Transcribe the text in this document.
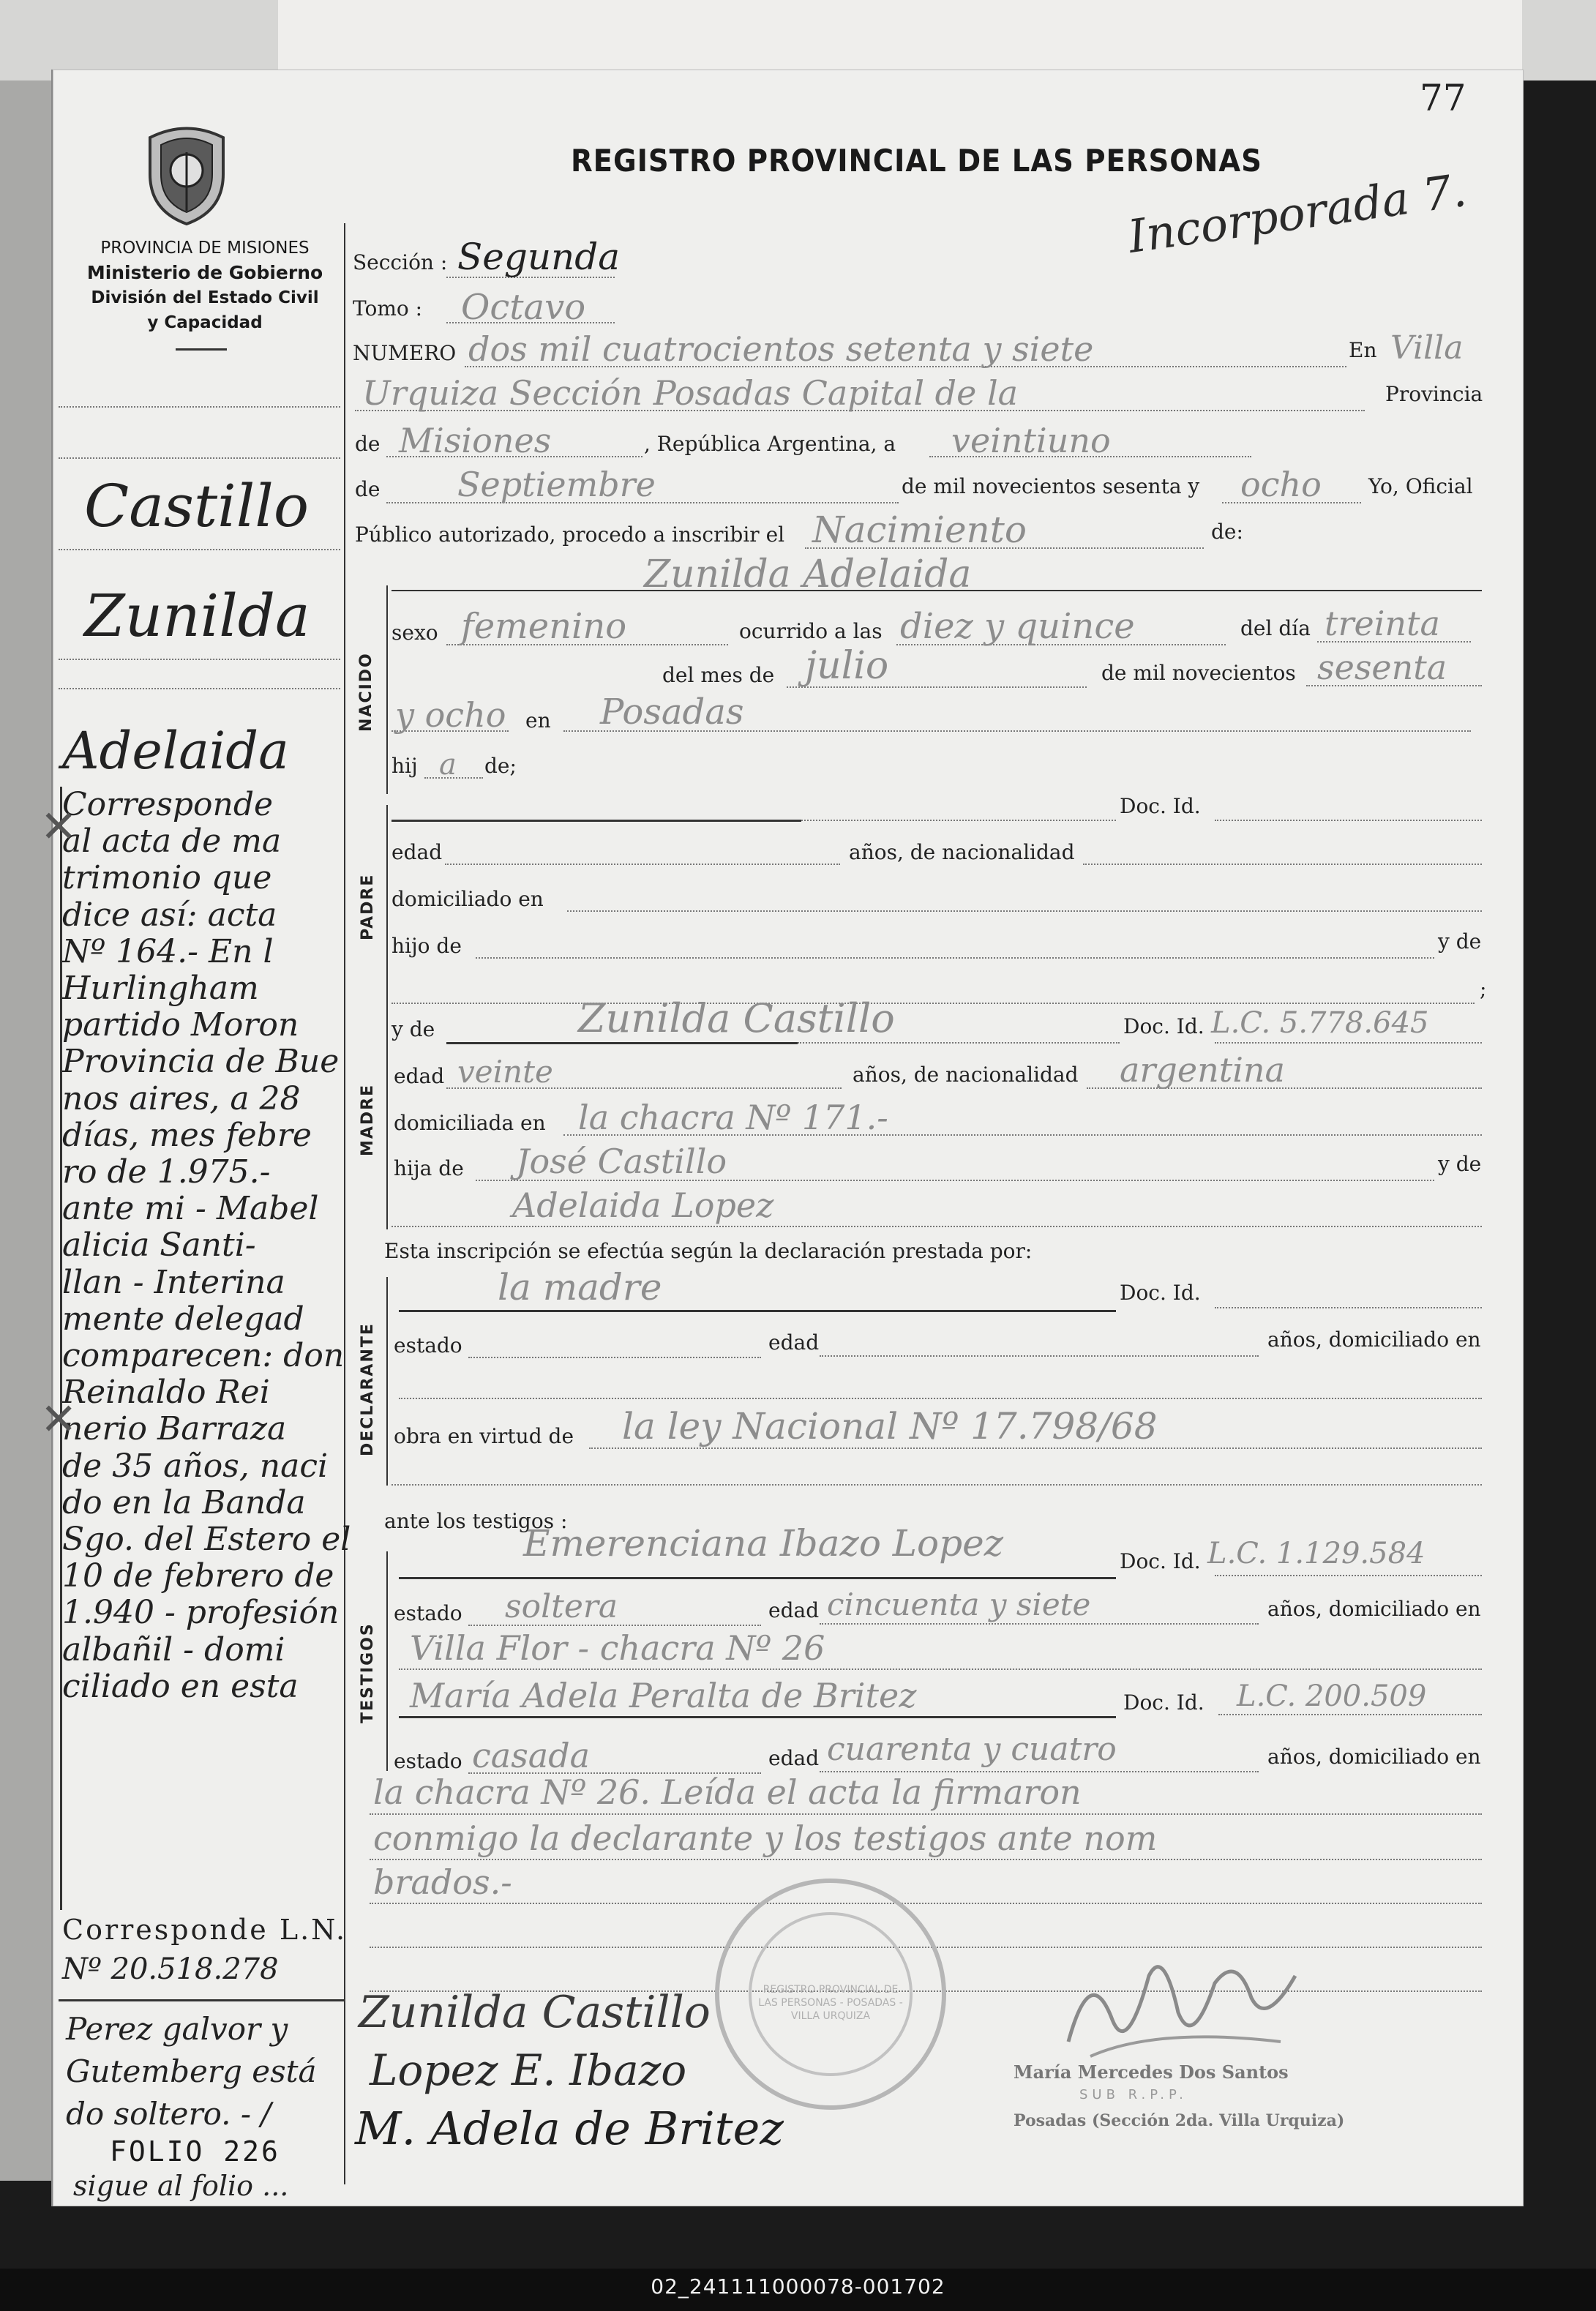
77
REGISTRO PROVINCIAL DE LAS PERSONAS
Incorporada 7.
PROVINCIA DE MISIONES
Ministerio de Gobierno
División del Estado Civil
y Capacidad
Castillo
Zunilda
Adelaida
Corresponde
al acta de ma
trimonio que
dice así: acta
Nº 164.- En l
Hurlingham
partido Moron
Provincia de Bue
nos aires, a 28
días, mes febre
ro de 1.975.-
ante mi - Mabel
alicia Santi-
llan - Interina
mente delegad
comparecen: don
Reinaldo Rei
nerio Barraza
de 35 años, naci
do en la Banda
Sgo. del Estero el
10 de febrero de
1.940 - profesión
albañil - domi
ciliado en esta
✕
✕
Corresponde L.N.
Nº 20.518.278
Perez galvor y
Gutemberg está
do soltero. - /
FOLIO 226
sigue al folio ...
Sección : Segunda
Tomo : Octavo
NUMERO dos mil cuatrocientos setenta y siete	En Villa
Urquiza Sección Posadas Capital de la	Provincia
de Misiones	, República Argentina, a veintiuno
de Septiembre	de mil novecientos sesenta y ocho Yo, Oficial
Público autorizado, procedo a inscribir el Nacimiento	de:
Zunilda Adelaida
NACIDO
sexo femenino	ocurrido a las diez y quince	del día treinta
del mes de julio	de mil novecientos sesenta
y ocho en Posadas
hij a de;
Doc. Id.
PADRE
edad	años, de nacionalidad
domiciliado en
hijo de	y de
;
MADRE
y de	Zunilda Castillo	Doc. Id. L.C. 5.778.645
edad veinte	años, de nacionalidad argentina
domiciliada en la chacra Nº 171.-
hija de José Castillo	y de
Adelaida Lopez
Esta inscripción se efectúa según la declaración prestada por:
DECLARANTE
la madre	Doc. Id.
estado	edad	años, domiciliado en
obra en virtud de la ley Nacional Nº 17.798/68
ante los testigos :
TESTIGOS
Emerenciana Ibazo Lopez	Doc. Id. L.C. 1.129.584
estado soltera	edad cincuenta y siete	años, domiciliado en
Villa Flor - chacra Nº 26
María Adela Peralta de Britez	Doc. Id. L.C. 200.509
estado casada	edad cuarenta y cuatro	años, domiciliado en
la chacra Nº 26. Leída el acta la firmaron
conmigo la declarante y los testigos ante nom
brados.-
REGISTRO PROVINCIAL DE LAS PERSONAS - POSADAS - VILLA URQUIZA
Zunilda Castillo
Lopez E. Ibazo
M. Adela de Britez
María Mercedes Dos Santos
SUB R.P.P.
Posadas (Sección 2da. Villa Urquiza)
02_241111000078-001702
